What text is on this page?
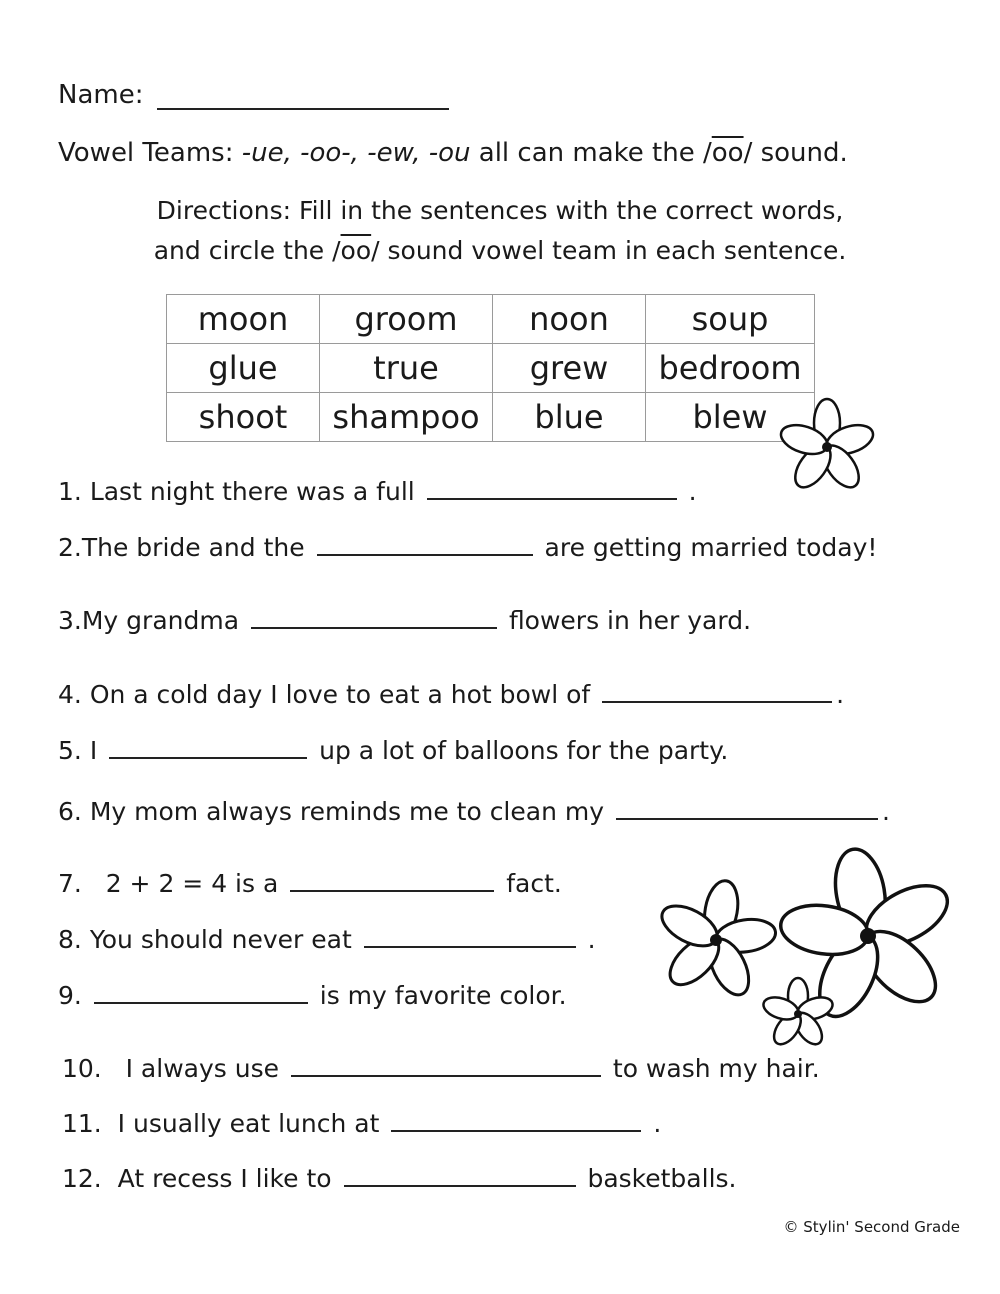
Name:
Vowel Teams: -ue, -oo-, -ew, -ou all can make the $/\overline{oo}/$ sound.
Directions: Fill in the sentences with the correct words,
and circle the $/\overline{oo}/$ sound vowel team in each sentence.
moon	groom	noon	soup
glue	true	grew	bedroom
shoot	shampoo	blue	blew
1. Last night there was a full	.
2.The bride and the	are getting married today!
3.My grandma	flowers in her yard.
4. On a cold day I love to eat a hot bowl of	.
5. I	up a lot of balloons for the party.
6. My mom always reminds me to clean my	.
7. 2 + 2 = 4 is a	fact.
8. You should never eat	.
9.	is my favorite color.
10. I always use	to wash my hair.
11. I usually eat lunch at	.
12. At recess I like to	basketballs.
© Stylin' Second Grade
